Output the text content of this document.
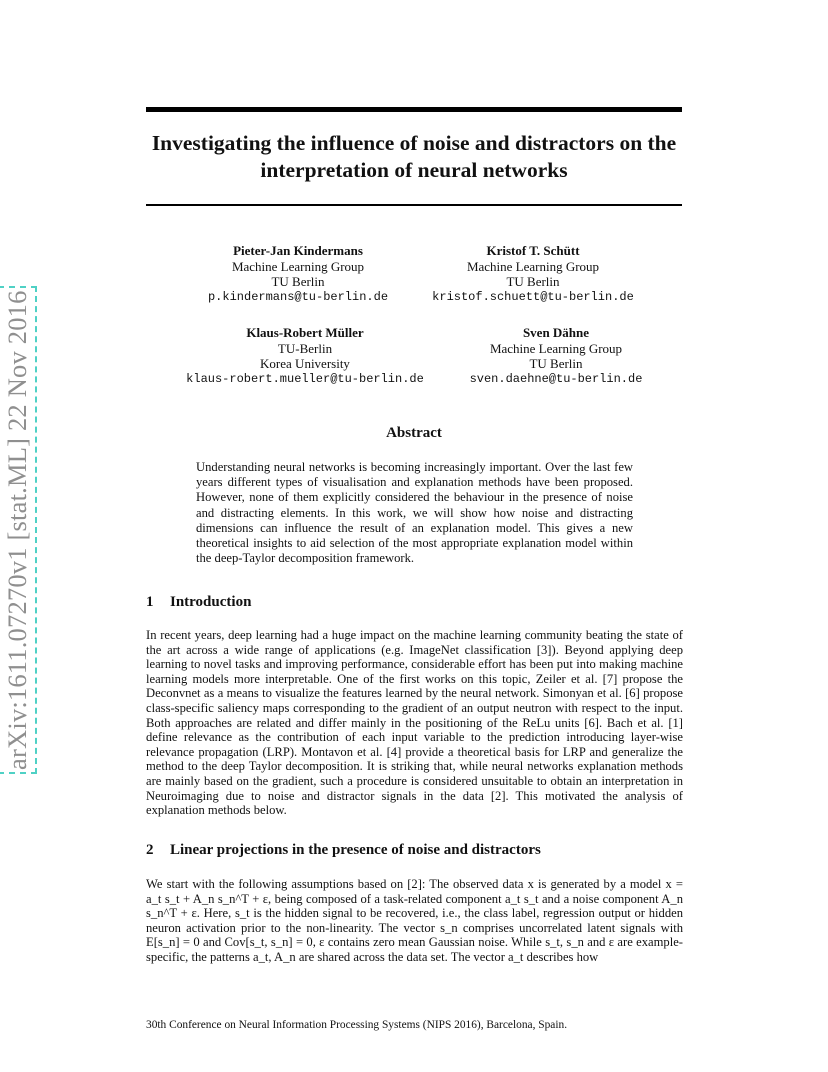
arXiv:1611.07270v1 [stat.ML] 22 Nov 2016
Investigating the influence of noise and distractors on the interpretation of neural networks
Pieter-Jan Kindermans
Machine Learning Group
TU Berlin
p.kindermans@tu-berlin.de
Kristof T. Schütt
Machine Learning Group
TU Berlin
kristof.schuett@tu-berlin.de
Klaus-Robert Müller
TU-Berlin
Korea University
klaus-robert.mueller@tu-berlin.de
Sven Dähne
Machine Learning Group
TU Berlin
sven.daehne@tu-berlin.de
Abstract
Understanding neural networks is becoming increasingly important. Over the last few years different types of visualisation and explanation methods have been proposed. However, none of them explicitly considered the behaviour in the presence of noise and distracting elements. In this work, we will show how noise and distracting dimensions can influence the result of an explanation model. This gives a new theoretical insights to aid selection of the most appropriate explanation model within the deep-Taylor decomposition framework.
1 Introduction
In recent years, deep learning had a huge impact on the machine learning community beating the state of the art across a wide range of applications (e.g. ImageNet classification [3]). Beyond applying deep learning to novel tasks and improving performance, considerable effort has been put into making machine learning models more interpretable. One of the first works on this topic, Zeiler et al. [7] propose the Deconvnet as a means to visualize the features learned by the neural network. Simonyan et al. [6] propose class-specific saliency maps corresponding to the gradient of an output neutron with respect to the input. Both approaches are related and differ mainly in the positioning of the ReLu units [6]. Bach et al. [1] define relevance as the contribution of each input variable to the prediction introducing layer-wise relevance propagation (LRP). Montavon et al. [4] provide a theoretical basis for LRP and generalize the method to the deep Taylor decomposition. It is striking that, while neural networks explanation methods are mainly based on the gradient, such a procedure is considered unsuitable to obtain an interpretation in Neuroimaging due to noise and distractor signals in the data [2]. This motivated the analysis of explanation methods below.
2 Linear projections in the presence of noise and distractors
We start with the following assumptions based on [2]: The observed data x is generated by a model x = a_t s_t + A_n s_n^T + ε, being composed of a task-related component a_t s_t and a noise component A_n s_n^T + ε. Here, s_t is the hidden signal to be recovered, i.e., the class label, regression output or hidden neuron activation prior to the non-linearity. The vector s_n comprises uncorrelated latent signals with E[s_n] = 0 and Cov[s_t, s_n] = 0, ε contains zero mean Gaussian noise. While s_t, s_n and ε are example-specific, the patterns a_t, A_n are shared across the data set. The vector a_t describes how
30th Conference on Neural Information Processing Systems (NIPS 2016), Barcelona, Spain.
